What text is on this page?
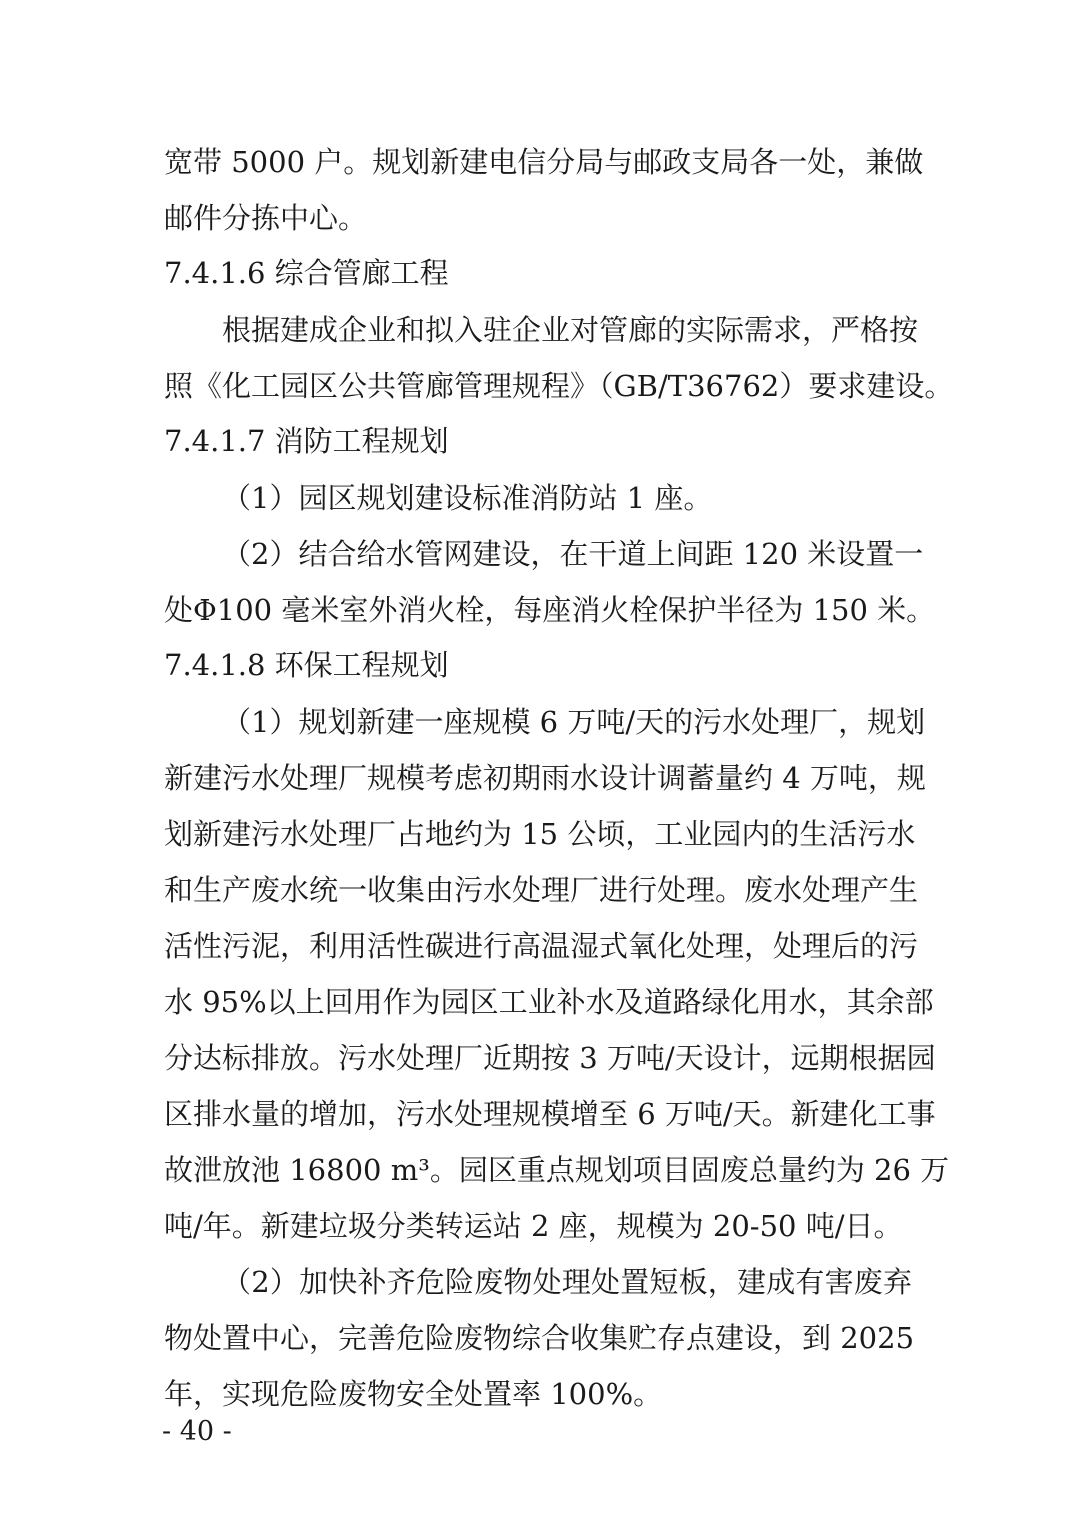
宽带 5000 户。规划新建电信分局与邮政支局各一处，兼做
邮件分拣中心。
7.4.1.6 综合管廊工程
根据建成企业和拟入驻企业对管廊的实际需求，严格按
照《化工园区公共管廊管理规程》（GB/T36762）要求建设。
7.4.1.7 消防工程规划
（1）园区规划建设标准消防站 1 座。
（2）结合给水管网建设，在干道上间距 120 米设置一
处Φ100 毫米室外消火栓，每座消火栓保护半径为 150 米。
7.4.1.8 环保工程规划
（1）规划新建一座规模 6 万吨/天的污水处理厂，规划
新建污水处理厂规模考虑初期雨水设计调蓄量约 4 万吨，规
划新建污水处理厂占地约为 15 公顷，工业园内的生活污水
和生产废水统一收集由污水处理厂进行处理。废水处理产生
活性污泥，利用活性碳进行高温湿式氧化处理，处理后的污
水 95%以上回用作为园区工业补水及道路绿化用水，其余部
分达标排放。污水处理厂近期按 3 万吨/天设计，远期根据园
区排水量的增加，污水处理规模增至 6 万吨/天。新建化工事
故泄放池 16800 m³。园区重点规划项目固废总量约为 26 万
吨/年。新建垃圾分类转运站 2 座，规模为 20-50 吨/日。
（2）加快补齐危险废物处理处置短板，建成有害废弃
物处置中心，完善危险废物综合收集贮存点建设，到 2025
年，实现危险废物安全处置率 100%。
- 40 -
